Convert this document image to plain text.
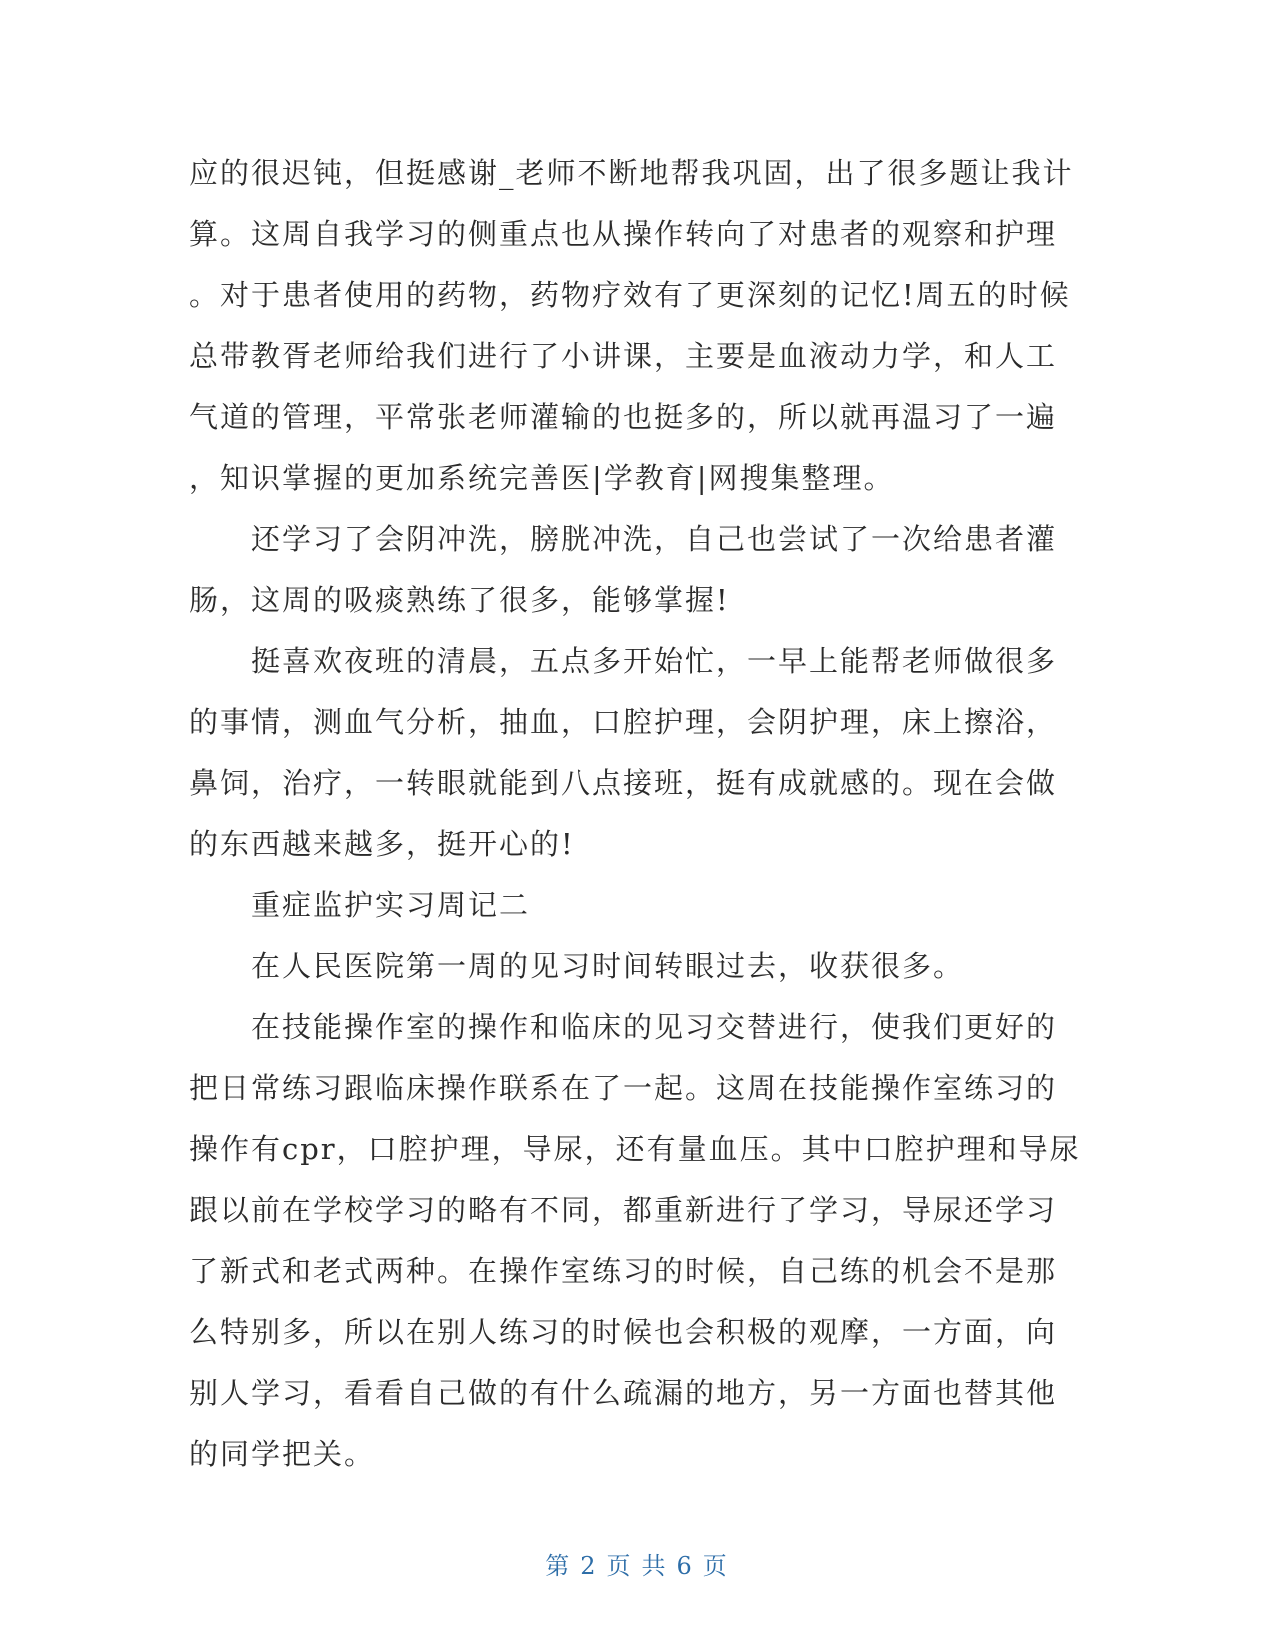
应的很迟钝，但挺感谢_老师不断地帮我巩固，出了很多题让我计
算。这周自我学习的侧重点也从操作转向了对患者的观察和护理
。对于患者使用的药物，药物疗效有了更深刻的记忆!周五的时候
总带教胥老师给我们进行了小讲课，主要是血液动力学，和人工
气道的管理，平常张老师灌输的也挺多的，所以就再温习了一遍
，知识掌握的更加系统完善医|学教育|网搜集整理。
还学习了会阴冲洗，膀胱冲洗，自己也尝试了一次给患者灌
肠，这周的吸痰熟练了很多，能够掌握!
挺喜欢夜班的清晨，五点多开始忙，一早上能帮老师做很多
的事情，测血气分析，抽血，口腔护理，会阴护理，床上擦浴，
鼻饲，治疗，一转眼就能到八点接班，挺有成就感的。现在会做
的东西越来越多，挺开心的!
重症监护实习周记二
在人民医院第一周的见习时间转眼过去，收获很多。
在技能操作室的操作和临床的见习交替进行，使我们更好的
把日常练习跟临床操作联系在了一起。这周在技能操作室练习的
操作有cpr，口腔护理，导尿，还有量血压。其中口腔护理和导尿
跟以前在学校学习的略有不同，都重新进行了学习，导尿还学习
了新式和老式两种。在操作室练习的时候，自己练的机会不是那
么特别多，所以在别人练习的时候也会积极的观摩，一方面，向
别人学习，看看自己做的有什么疏漏的地方，另一方面也替其他
的同学把关。
第 2 页 共 6 页
